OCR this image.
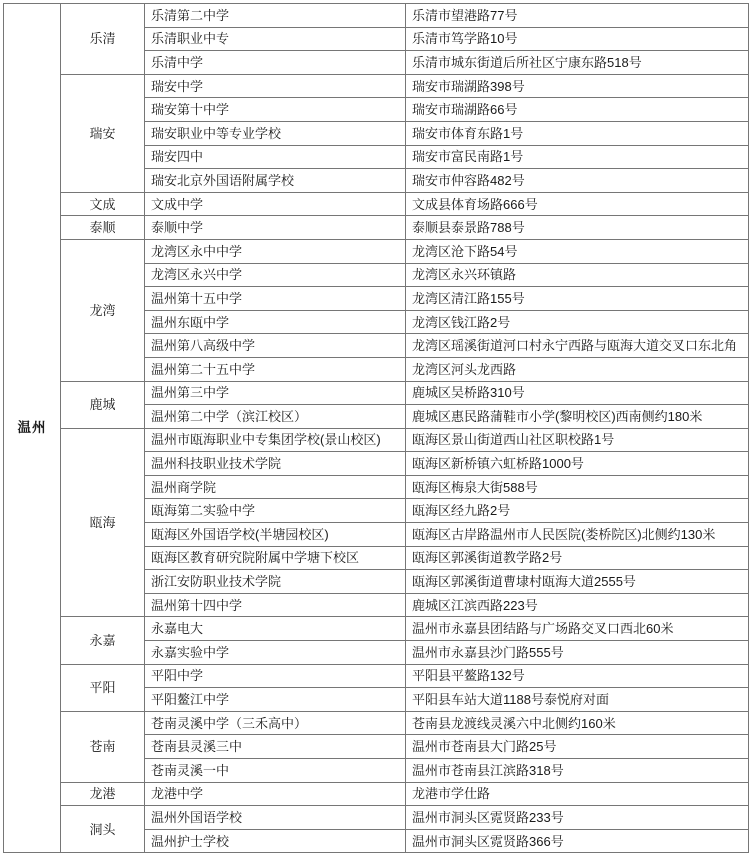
温州	乐清	乐清第二中学	乐清市望港路77号
		乐清职业中专	乐清市笃学路10号
		乐清中学	乐清市城东街道后所社区宁康东路518号
	瑞安	瑞安中学	瑞安市瑞湖路398号
		瑞安第十中学	瑞安市瑞湖路66号
		瑞安职业中等专业学校	瑞安市体育东路1号
		瑞安四中	瑞安市富民南路1号
		瑞安北京外国语附属学校	瑞安市仲容路482号
	文成	文成中学	文成县体育场路666号
	泰顺	泰顺中学	泰顺县泰景路788号
	龙湾	龙湾区永中中学	龙湾区沧下路54号
		龙湾区永兴中学	龙湾区永兴环镇路
		温州第十五中学	龙湾区清江路155号
		温州东瓯中学	龙湾区钱江路2号
		温州第八高级中学	龙湾区瑶溪街道河口村永宁西路与瓯海大道交叉口东北角
		温州第二十五中学	龙湾区河头龙西路
	鹿城	温州第三中学	鹿城区吴桥路310号
		温州第二中学（滨江校区）	鹿城区惠民路蒲鞋市小学(黎明校区)西南侧约180米
	瓯海	温州市瓯海职业中专集团学校(景山校区)	瓯海区景山街道西山社区职校路1号
		温州科技职业技术学院	瓯海区新桥镇六虹桥路1000号
		温州商学院	瓯海区梅泉大街588号
		瓯海第二实验中学	瓯海区经九路2号
		瓯海区外国语学校(半塘园校区)	瓯海区古岸路温州市人民医院(娄桥院区)北侧约130米
		瓯海区教育研究院附属中学塘下校区	瓯海区郭溪街道教学路2号
		浙江安防职业技术学院	瓯海区郭溪街道曹埭村瓯海大道2555号
		温州第十四中学	鹿城区江滨西路223号
	永嘉	永嘉电大	温州市永嘉县团结路与广场路交叉口西北60米
		永嘉实验中学	温州市永嘉县沙门路555号
	平阳	平阳中学	平阳县平鳌路132号
		平阳鳌江中学	平阳县车站大道1188号泰悦府对面
	苍南	苍南灵溪中学（三禾高中）	苍南县龙渡线灵溪六中北侧约160米
		苍南县灵溪三中	温州市苍南县大门路25号
		苍南灵溪一中	温州市苍南县江滨路318号
	龙港	龙港中学	龙港市学仕路
	洞头	温州外国语学校	温州市洞头区霓贤路233号
		温州护士学校	温州市洞头区霓贤路366号
